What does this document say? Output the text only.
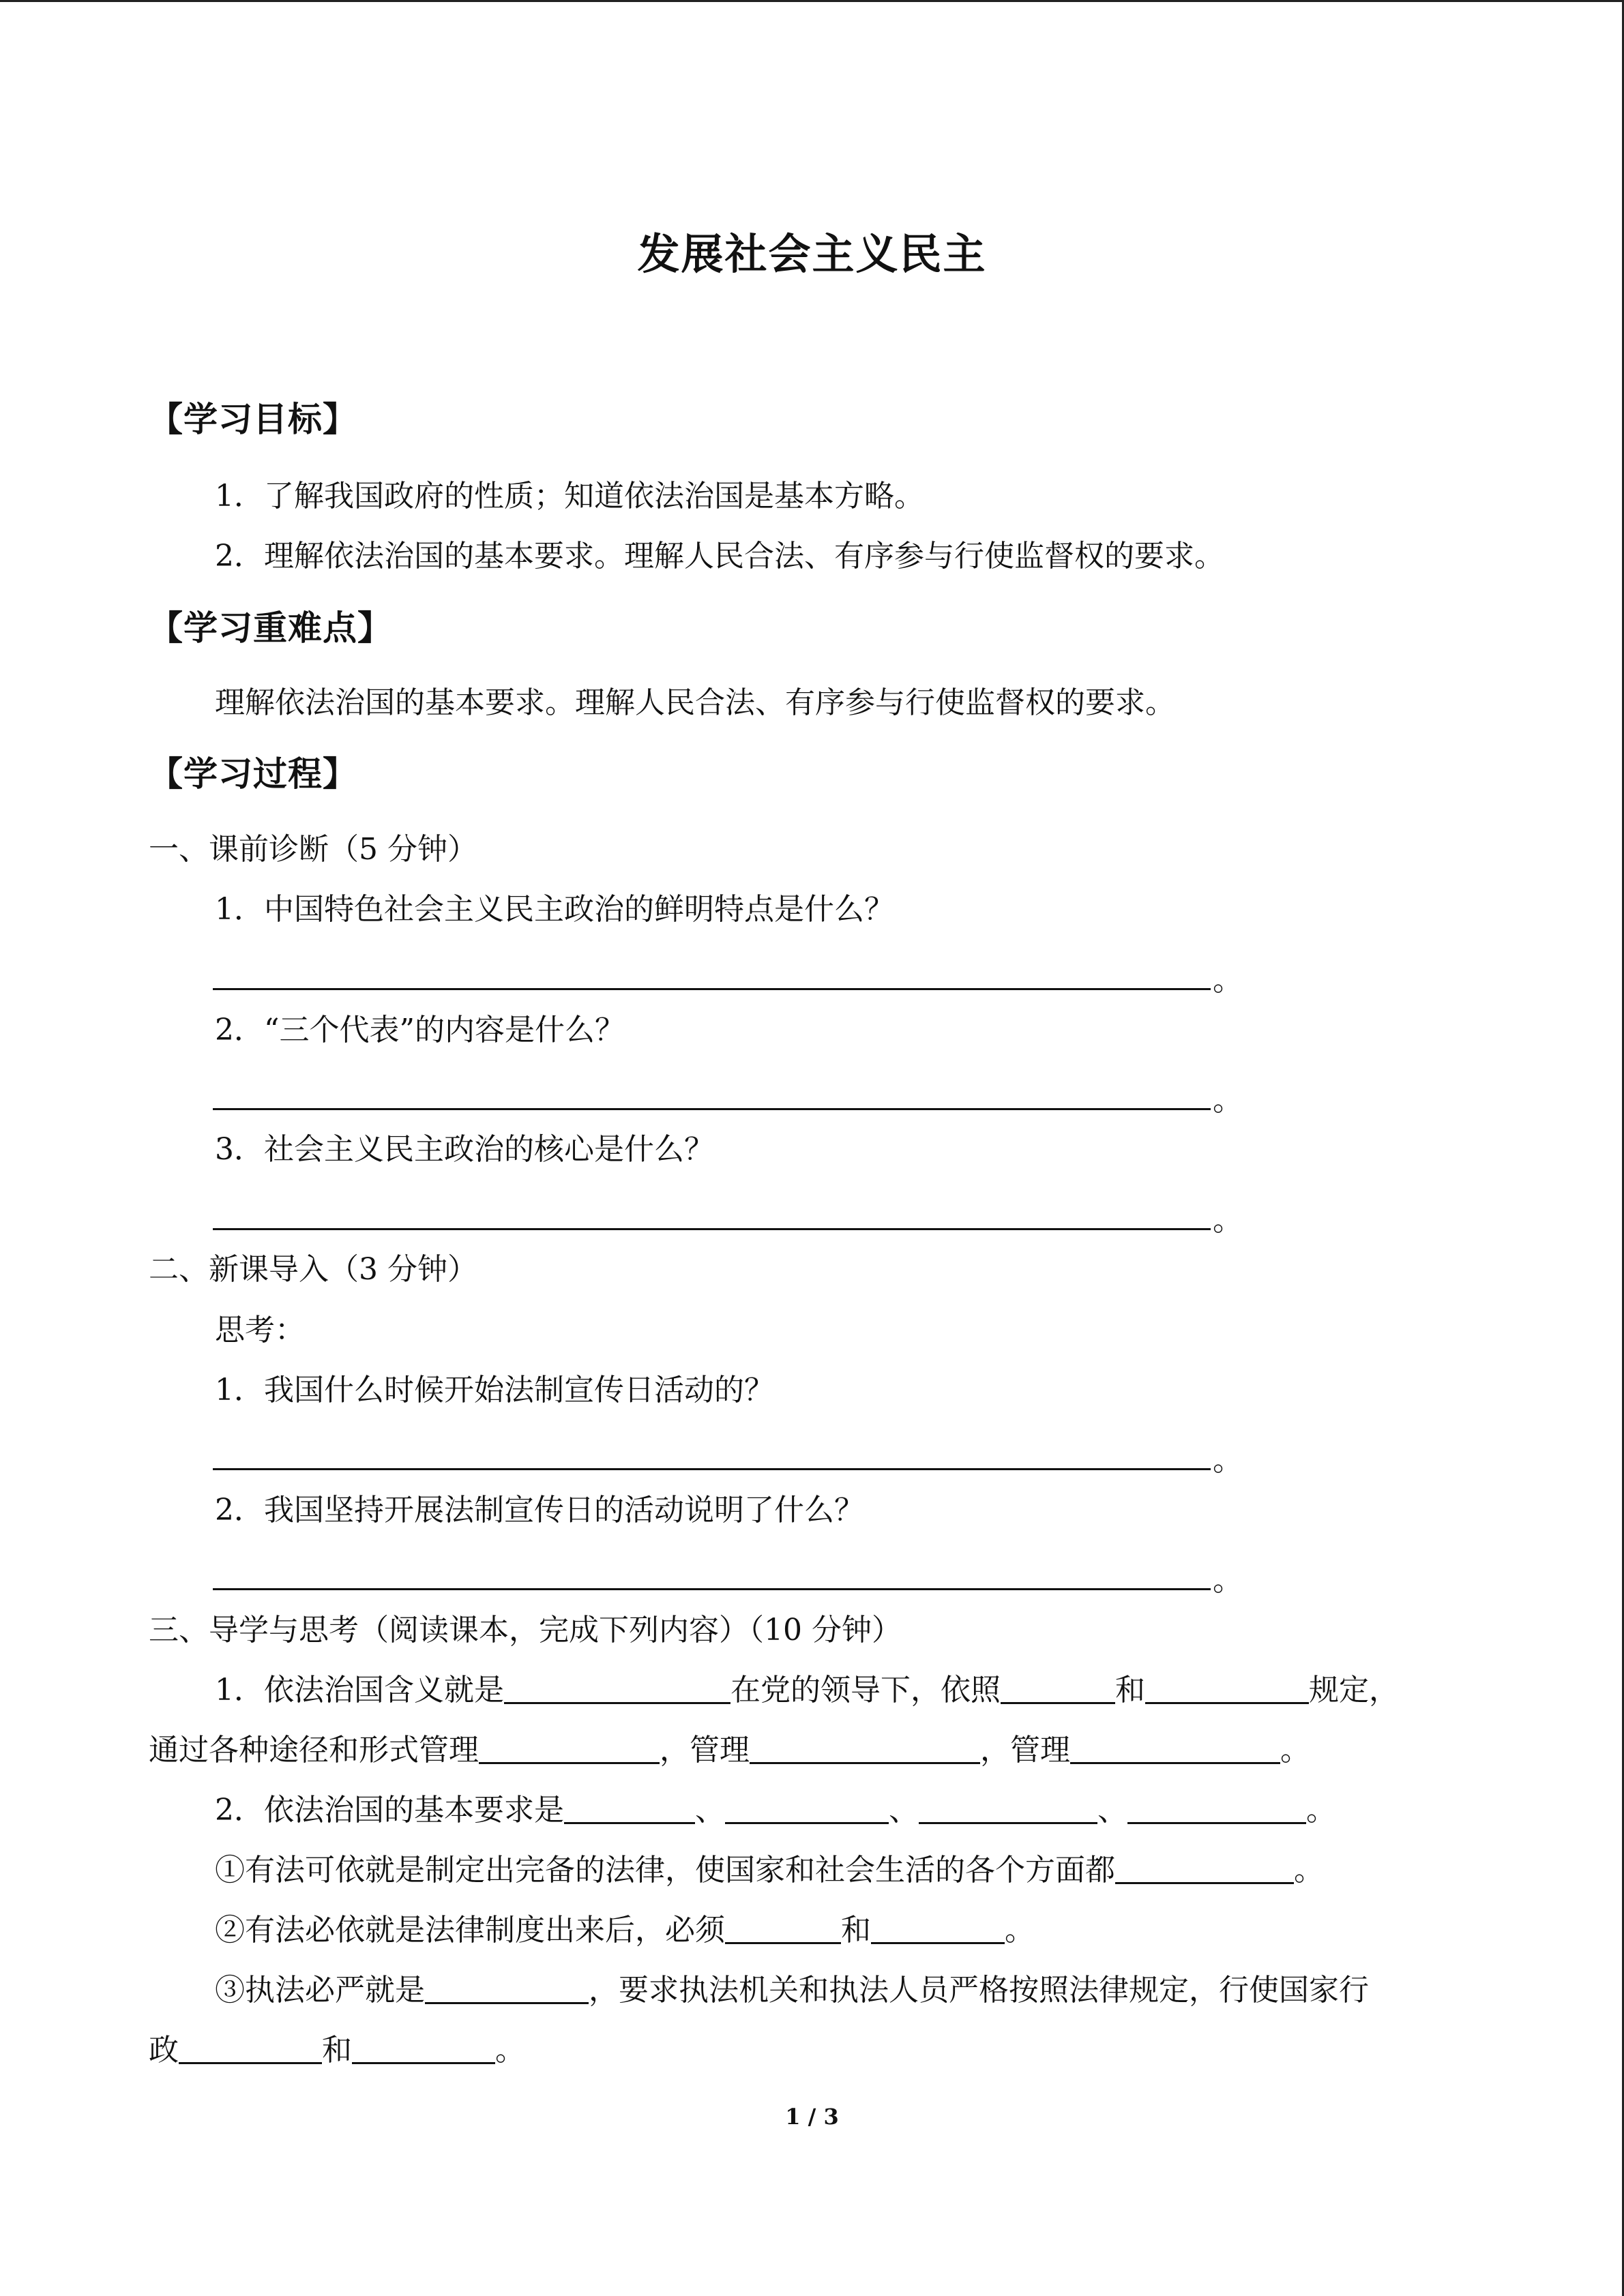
发展社会主义民主
【学习目标】
1．了解我国政府的性质；知道依法治国是基本方略。
2．理解依法治国的基本要求。理解人民合法、有序参与行使监督权的要求。
【学习重难点】
理解依法治国的基本要求。理解人民合法、有序参与行使监督权的要求。
【学习过程】
一、课前诊断（5 分钟）
1．中国特色社会主义民主政治的鲜明特点是什么？
。
2．“三个代表”的内容是什么？
。
3．社会主义民主政治的核心是什么？
。
二、新课导入（3 分钟）
思考：
1．我国什么时候开始法制宣传日活动的？
。
2．我国坚持开展法制宣传日的活动说明了什么？
。
三、导学与思考（阅读课本，完成下列内容）（10 分钟）
1．依法治国含义就是	在党的领导下，依照	和	规定，
通过各种途径和形式管理	，管理	，管理	。
2．依法治国的基本要求是	、	、	、	。
①有法可依就是制定出完备的法律，使国家和社会生活的各个方面都	。
②有法必依就是法律制度出来后，必须	和	。
③执法必严就是	，要求执法机关和执法人员严格按照法律规定，行使国家行
政	和	。
1 / 3
